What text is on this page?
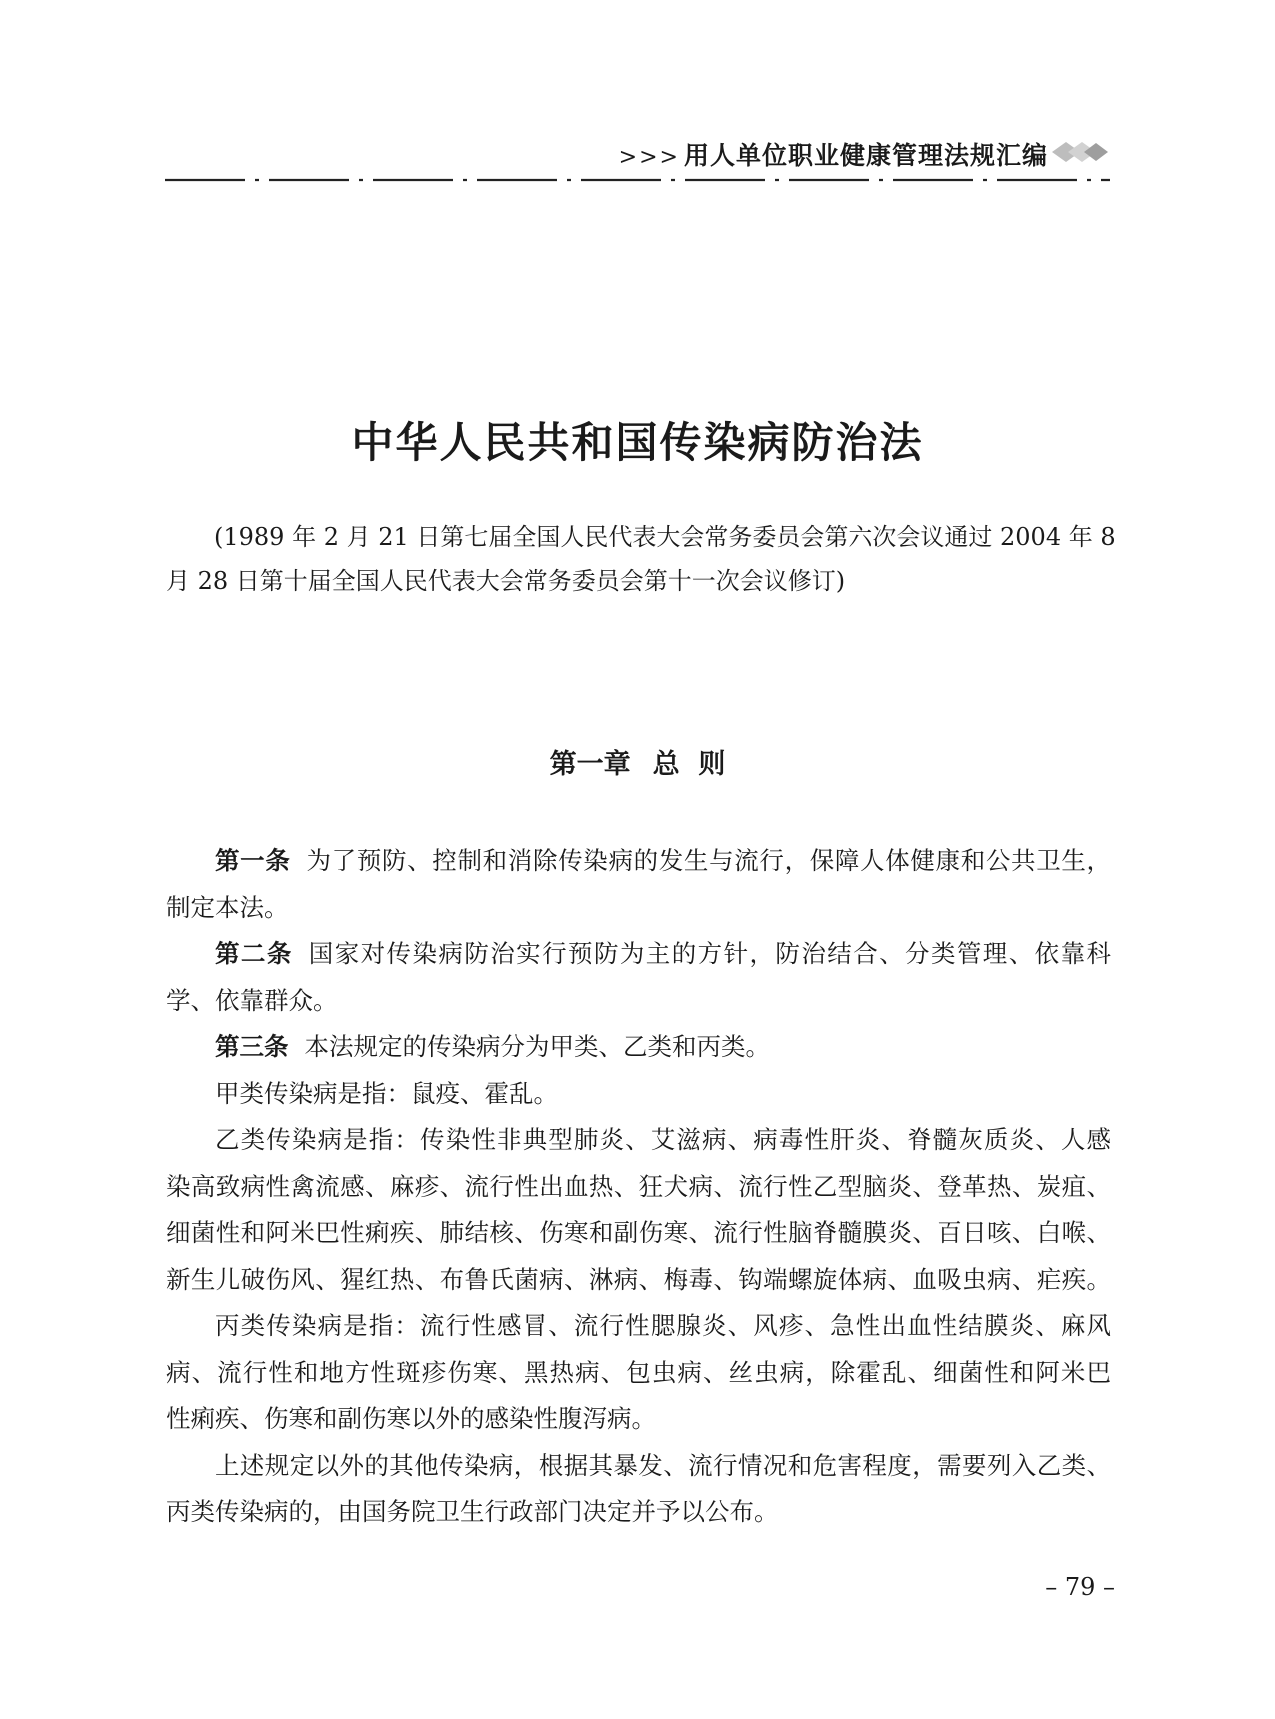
>>> 用人单位职业健康管理法规汇编
中华人民共和国传染病防治法
(1989 年 2 月 21 日第七届全国人民代表大会常务委员会第六次会议通过 2004 年 8
月 28 日第十届全国人民代表大会常务委员会第十一次会议修订)
第一章 总  则
第一条 为了预防、控制和消除传染病的发生与流行，保障人体健康和公共卫生，
制定本法。
第二条 国家对传染病防治实行预防为主的方针，防治结合、分类管理、依靠科
学、依靠群众。
第三条 本法规定的传染病分为甲类、乙类和丙类。
甲类传染病是指：鼠疫、霍乱。
乙类传染病是指：传染性非典型肺炎、艾滋病、病毒性肝炎、脊髓灰质炎、人感
染高致病性禽流感、麻疹、流行性出血热、狂犬病、流行性乙型脑炎、登革热、炭疽、
细菌性和阿米巴性痢疾、肺结核、伤寒和副伤寒、流行性脑脊髓膜炎、百日咳、白喉、
新生儿破伤风、猩红热、布鲁氏菌病、淋病、梅毒、钩端螺旋体病、血吸虫病、疟疾。
丙类传染病是指：流行性感冒、流行性腮腺炎、风疹、急性出血性结膜炎、麻风
病、流行性和地方性斑疹伤寒、黑热病、包虫病、丝虫病，除霍乱、细菌性和阿米巴
性痢疾、伤寒和副伤寒以外的感染性腹泻病。
上述规定以外的其他传染病，根据其暴发、流行情况和危害程度，需要列入乙类、
丙类传染病的，由国务院卫生行政部门决定并予以公布。
– 79 –
